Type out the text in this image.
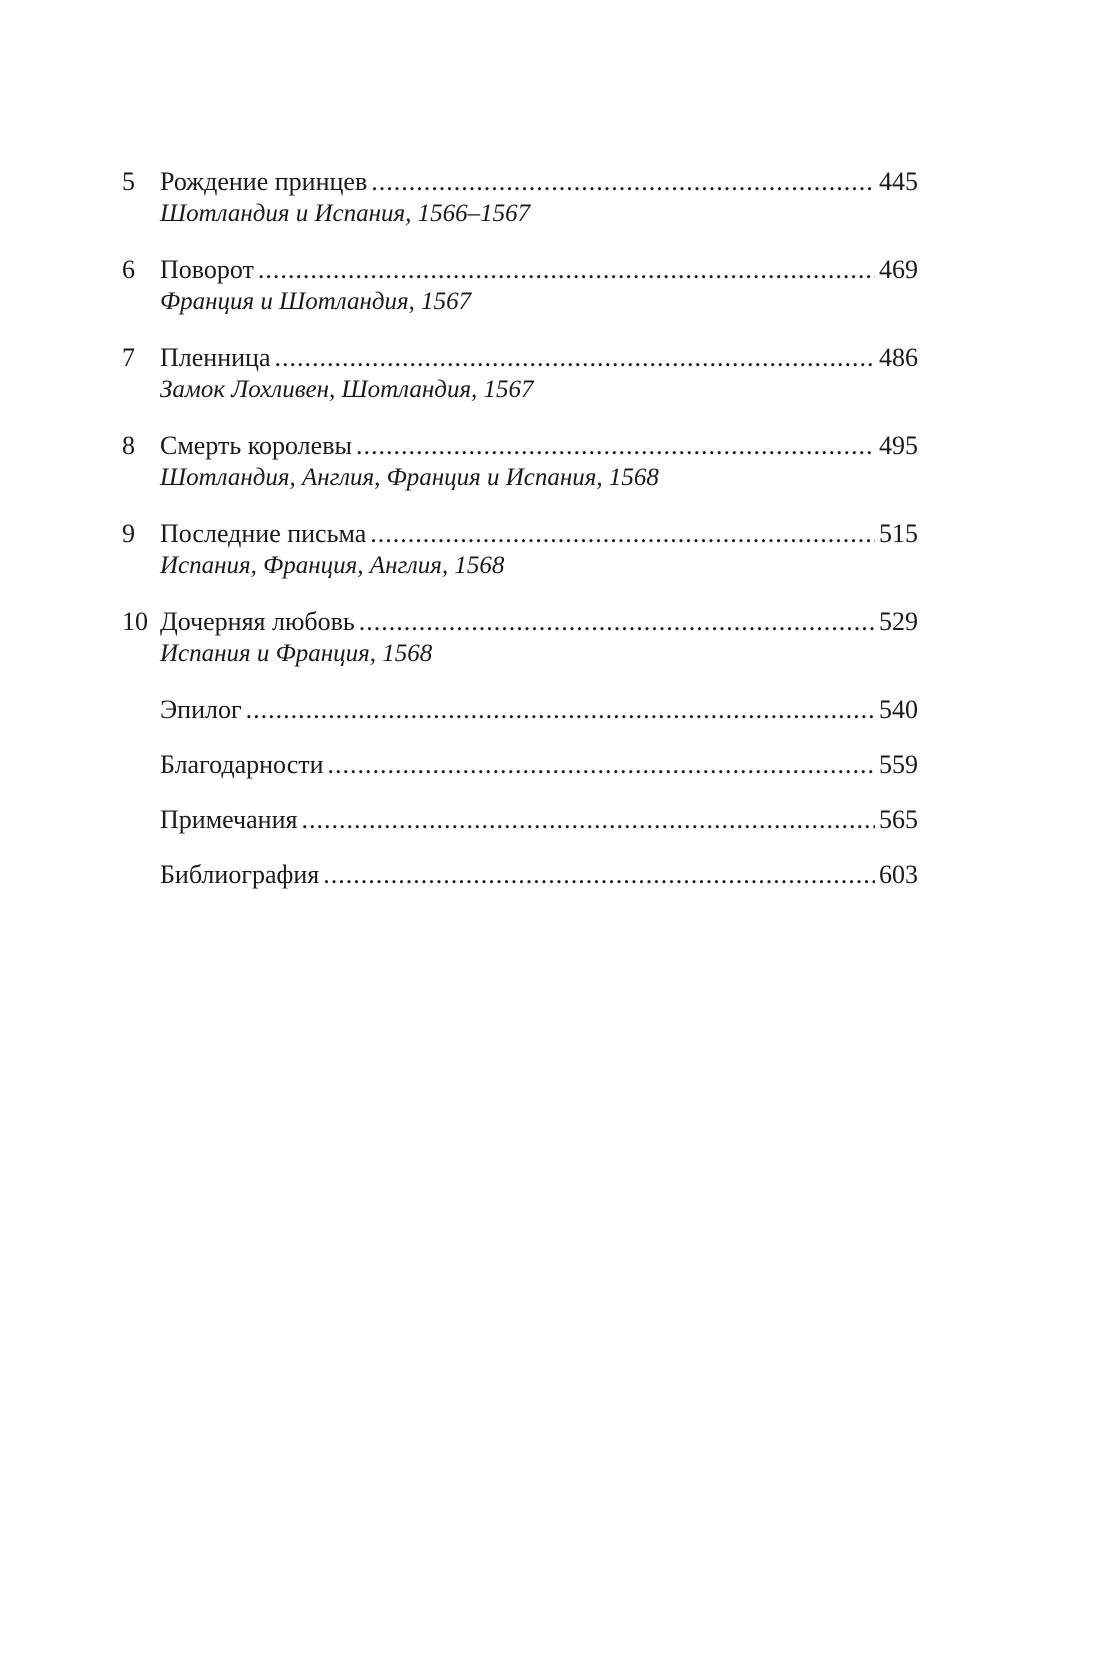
5 Рождение принцев .....	445
Шотландия и Испания, 1566–1567
6 Поворот .....	469
Франция и Шотландия, 1567
7 Пленница .....	486
Замок Лохливен, Шотландия, 1567
8 Смерть королевы .....	495
Шотландия, Англия, Франция и Испания, 1568
9 Последние письма .....	515
Испания, Франция, Англия, 1568
10 Дочерняя любовь .....	529
Испания и Франция, 1568
Эпилог .....	540
Благодарности .....	559
Примечания .....	565
Библиография .....	603
